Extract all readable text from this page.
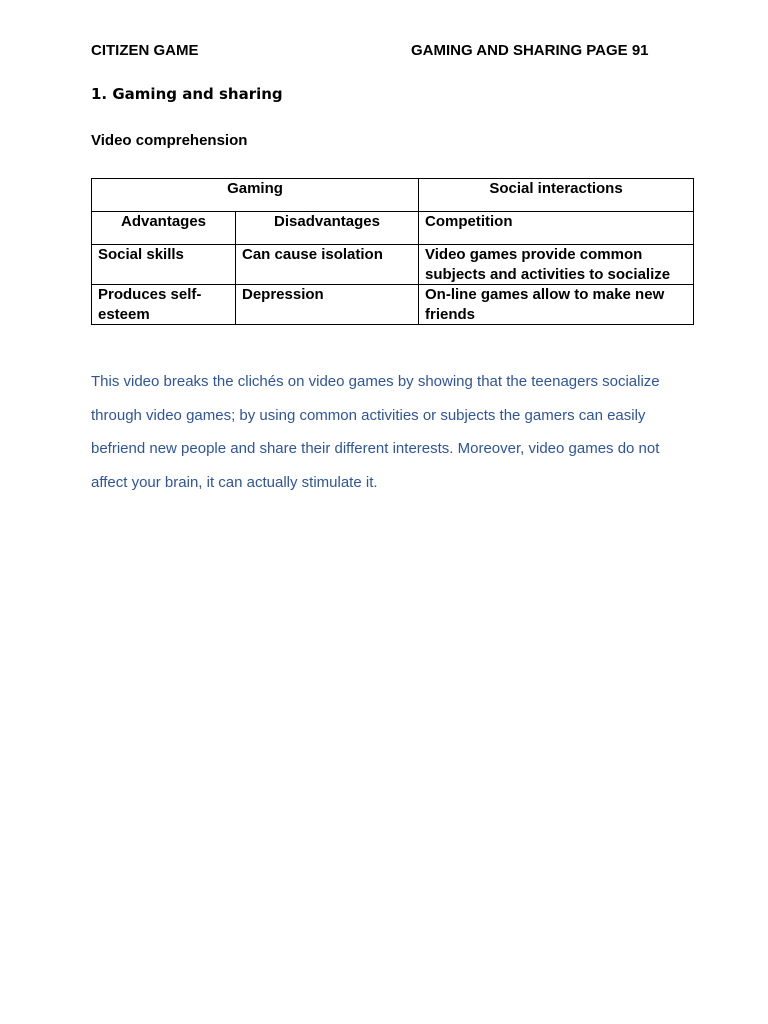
CITIZEN GAME	GAMING AND SHARING PAGE 91
1. Gaming and sharing
Video comprehension
Gaming		Social interactions
Advantages	Disadvantages	Competition
Social skills	Can cause isolation	Video games provide common subjects and activities to socialize
Produces self-esteem	Depression	On-line games allow to make new friends
This video breaks the clichés on video games by showing that the teenagers socialize through video games; by using common activities or subjects the gamers can easily befriend new people and share their different interests. Moreover, video games do not affect your brain, it can actually stimulate it.
